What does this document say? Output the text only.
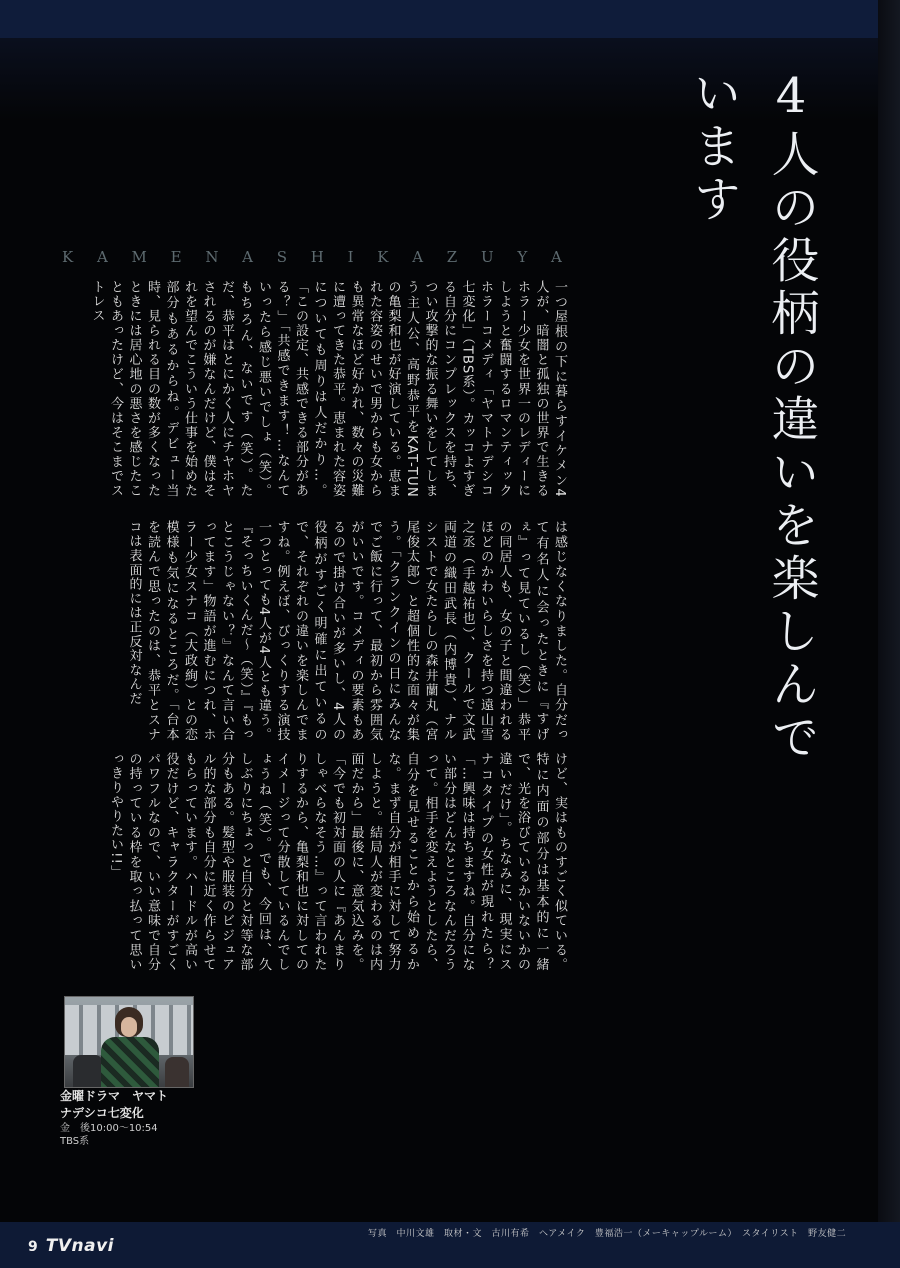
4人の役柄の違いを楽しんでいます
K A M E N A S H I K A Z U Y A

一つ屋根の下に暮らすイケメン4人が、暗闇と孤独の世界で生きるホラー少女を世界一のレディーにしようと奮闘するロマンティックホラーコメディ「ヤマトナデシコ七変化」（TBS系）。カッコよすぎる自分にコンプレックスを持ち、つい攻撃的な振る舞いをしてしまう主人公、高野恭平をKAT-TUNの亀梨和也が好演している。恵まれた容姿のせいで男からも女からも異常なほど好かれ、数々の災難に遭ってきた恭平。恵まれた容姿についても周りは人だかり…。「この設定、共感できる部分がある？」「共感できます！…なんていったら感じ悪いでしょ（笑）。もちろん、ないです（笑）。ただ、恭平はとにかく人にチヤホヤされるのが嫌なんだけど、僕はそれを望んでこういう仕事を始めた部分もあるからね。デビュー当時、見られる目の数が多くなったときには居心地の悪さを感じたこともあったけど、今はそこまでストレス

は感じなくなりました。自分だって有名人に会ったときに『すげぇ』って見ているし（笑）」恭平の同居人も、女の子と間違われるほどのかわいらしさを持つ遠山雪之丞（手越祐也）、クールで文武両道の織田武長（内博貴）、ナルシストで女たらしの森井蘭丸（宮尾俊太郎）と超個性的な面々が集う。「クランクインの日にみんなでご飯に行って、最初から雰囲気がいいです。コメディの要素もあるので掛け合いが多いし、4人の役柄がすごく明確に出ているので、それぞれの違いを楽しんでますね。例えば、びっくりする演技一つとっても4人が4人とも違う。『そっちいくんだ〜（笑）』『もっとこうじゃない？』なんて言い合ってます」物語が進むにつれ、ホラー少女スナコ（大政絢）との恋模様も気になるところだ。「台本を読んで思ったのは、恭平とスナコは表面的には正反対なんだ

けど、実はものすごく似ている。特に内面の部分は基本的に一緒で、光を浴びているかいないかの違いだけ」。ちなみに、現実にスナコタイプの女性が現れたら？「…興味は持ちますね。自分にない部分はどんなところなんだろうって。相手を変えようとしたら、自分を見せることから始めるかな。まず自分が相手に対して努力しようと。結局人が変わるのは内面だから」最後に、意気込みを。「今でも初対面の人に『あんまりしゃべらなそう…』って言われたりするから、亀梨和也に対してのイメージって分散しているんでしょうね（笑）。でも、今回は、久しぶりにちょっと自分と対等な部分もある。髪型や服装のビジュアル的な部分も自分に近く作らせてもらっています。ハードルが高い役だけど、キャラクターがすごくパワフルなので、いい意味で自分の持っている枠を取っ払って思いっきりやりたい!!」

金曜ドラマ　ヤマト
ナデシコ七変化
金　後10:00〜10:54
TBS系
9 TVnavi
写真　中川文雄　取材・文　古川有希　ヘアメイク　豊福浩一（メーキャップルーム）　スタイリスト　野友健二
